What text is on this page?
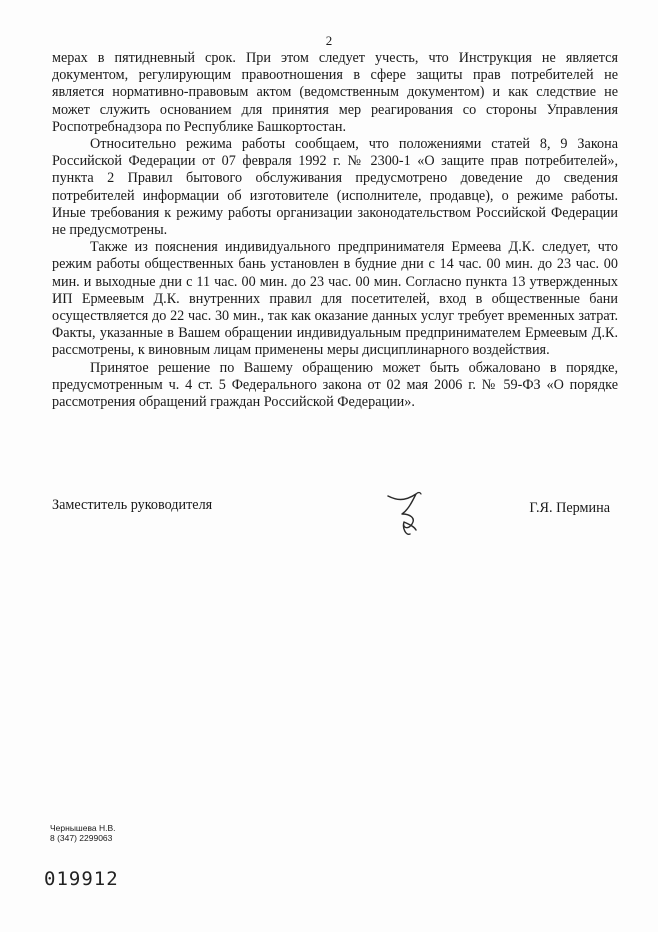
2

мерах в пятидневный срок. При этом следует учесть, что Инструкция не является документом, регулирующим правоотношения в сфере защиты прав потребителей не является нормативно-правовым актом (ведомственным документом) и как следствие не может служить основанием для принятия мер реагирования со стороны Управления Роспотребнадзора по Республике Башкортостан.

Относительно режима работы сообщаем, что положениями статей 8, 9 Закона Российской Федерации от 07 февраля 1992 г. № 2300-1 «О защите прав потребителей», пункта 2 Правил бытового обслуживания предусмотрено доведение до сведения потребителей информации об изготовителе (исполнителе, продавце), о режиме работы. Иные требования к режиму работы организации законодательством Российской Федерации не предусмотрены.

Также из пояснения индивидуального предпринимателя Ермеева Д.К. следует, что режим работы общественных бань установлен в будние дни с 14 час. 00 мин. до 23 час. 00 мин. и выходные дни с 11 час. 00 мин. до 23 час. 00 мин. Согласно пункта 13 утвержденных ИП Ермеевым Д.К. внутренних правил для посетителей, вход в общественные бани осуществляется до 22 час. 30 мин., так как оказание данных услуг требует временных затрат. Факты, указанные в Вашем обращении индивидуальным предпринимателем Ермеевым Д.К. рассмотрены, к виновным лицам применены меры дисциплинарного воздействия.

Принятое решение по Вашему обращению может быть обжаловано в порядке, предусмотренным ч. 4 ст. 5 Федерального закона от 02 мая 2006 г. № 59-ФЗ «О порядке рассмотрения обращений граждан Российской Федерации».

Заместитель руководителя	Г.Я. Пермина
Чернышева Н.В.
8 (347) 2299063
019912
